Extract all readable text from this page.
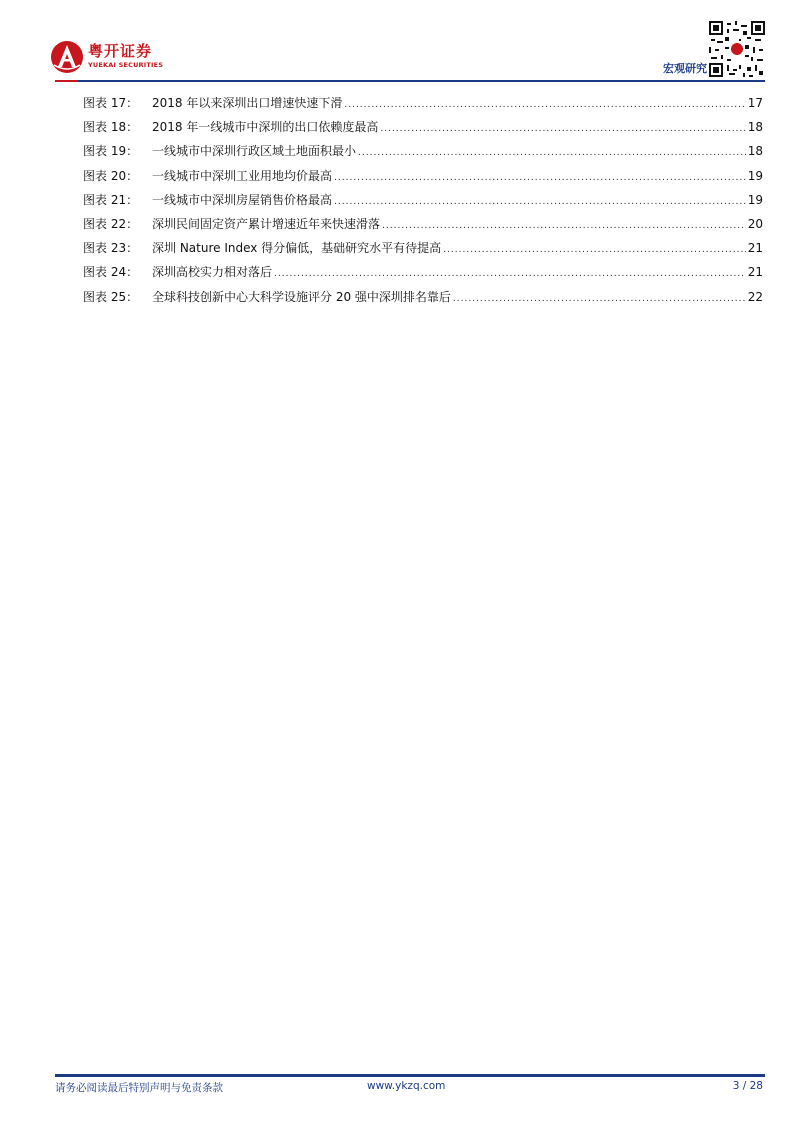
粤开证券
YUEKAI SECURITIES	宏观研究
图表 17：	2018 年以来深圳出口增速快速下滑 .....	17
图表 18：	2018 年一线城市中深圳的出口依赖度最高 .....	18
图表 19：	一线城市中深圳行政区域土地面积最小 .....	18
图表 20：	一线城市中深圳工业用地均价最高 .....	19
图表 21：	一线城市中深圳房屋销售价格最高 .....	19
图表 22：	深圳民间固定资产累计增速近年来快速滑落 .....	20
图表 23：	深圳 Nature Index 得分偏低，基础研究水平有待提高 .....	21
图表 24：	深圳高校实力相对落后 .....	21
图表 25：	全球科技创新中心大科学设施评分 20 强中深圳排名靠后 .....	22
请务必阅读最后特别声明与免责条款	www.ykzq.com	3 / 28
